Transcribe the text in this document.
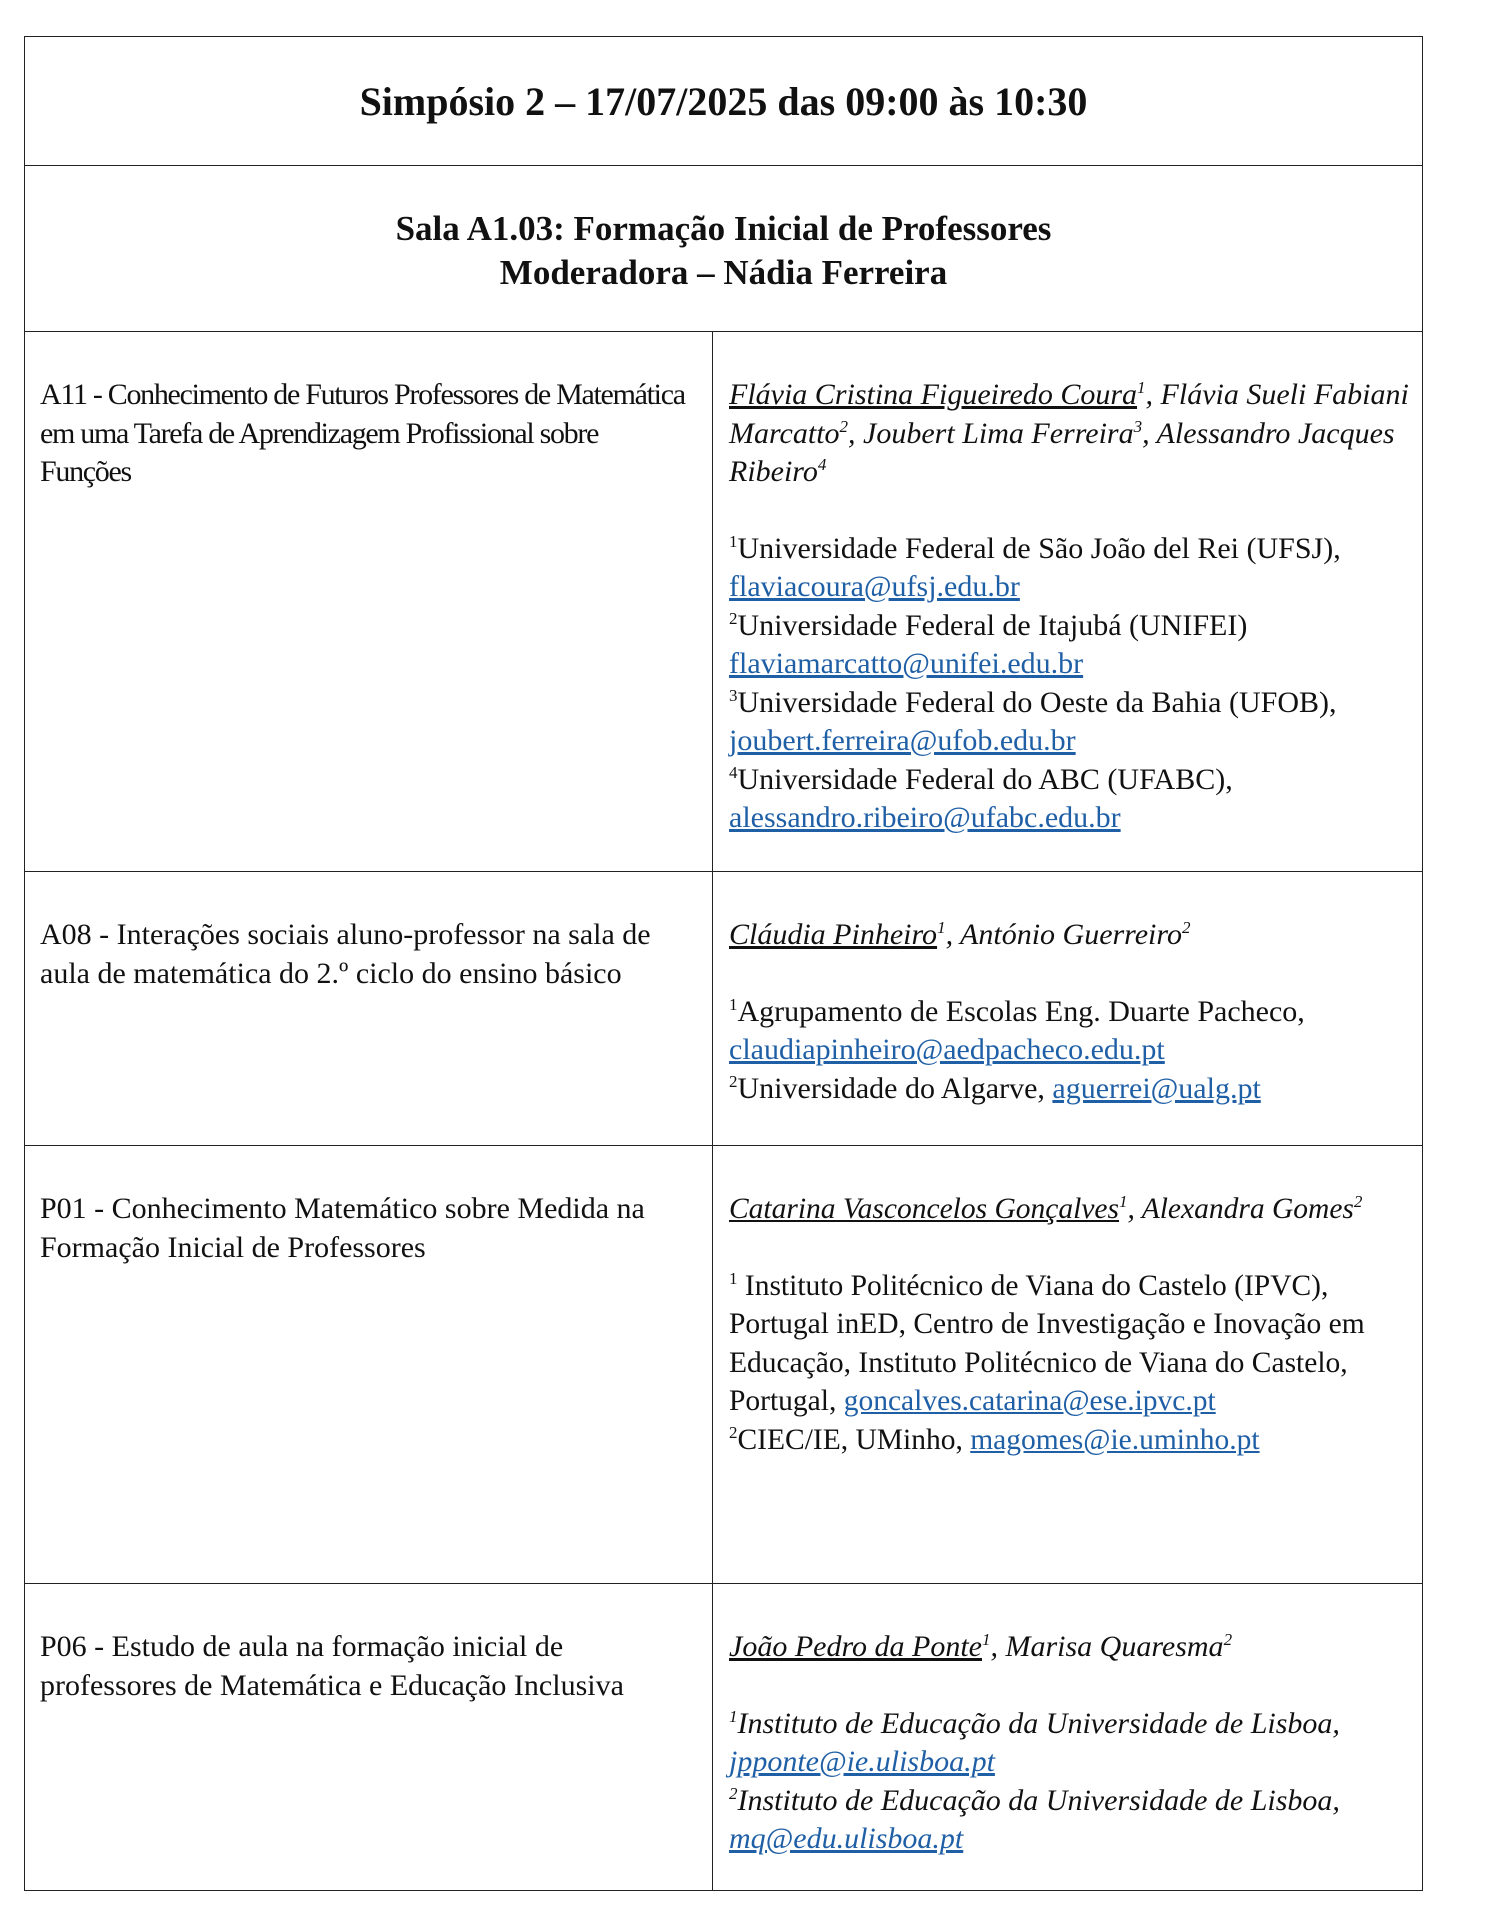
Simpósio 2 – 17/07/2025 das 09:00 às 10:30
Sala A1.03: Formação Inicial de Professores
Moderadora – Nádia Ferreira
A11 - Conhecimento de Futuros Professores de Matemática em uma Tarefa de Aprendizagem Profissional sobre Funções
Flávia Cristina Figueiredo Coura$^1$, Flávia Sueli Fabiani Marcatto$^2$, Joubert Lima Ferreira$^3$, Alessandro Jacques Ribeiro$^4$
$^1$Universidade Federal de São João del Rei (UFSJ), flaviacoura@ufsj.edu.br
$^2$Universidade Federal de Itajubá (UNIFEI) flaviamarcatto@unifei.edu.br
$^3$Universidade Federal do Oeste da Bahia (UFOB), joubert.ferreira@ufob.edu.br
$^4$Universidade Federal do ABC (UFABC), alessandro.ribeiro@ufabc.edu.br
A08 - Interações sociais aluno-professor na sala de aula de matemática do 2.º ciclo do ensino básico
Cláudia Pinheiro$^1$, António Guerreiro$^2$
$^1$Agrupamento de Escolas Eng. Duarte Pacheco, claudiapinheiro@aedpacheco.edu.pt
$^2$Universidade do Algarve, aguerrei@ualg.pt
P01 - Conhecimento Matemático sobre Medida na Formação Inicial de Professores
Catarina Vasconcelos Gonçalves$^1$, Alexandra Gomes$^2$
$^1$ Instituto Politécnico de Viana do Castelo (IPVC), Portugal inED, Centro de Investigação e Inovação em Educação, Instituto Politécnico de Viana do Castelo, Portugal, goncalves.catarina@ese.ipvc.pt
$^2$CIEC/IE, UMinho, magomes@ie.uminho.pt
P06 - Estudo de aula na formação inicial de professores de Matemática e Educação Inclusiva
João Pedro da Ponte$^1$, Marisa Quaresma$^2$
$^1$Instituto de Educação da Universidade de Lisboa, jpponte@ie.ulisboa.pt
$^2$Instituto de Educação da Universidade de Lisboa, mq@edu.ulisboa.pt
